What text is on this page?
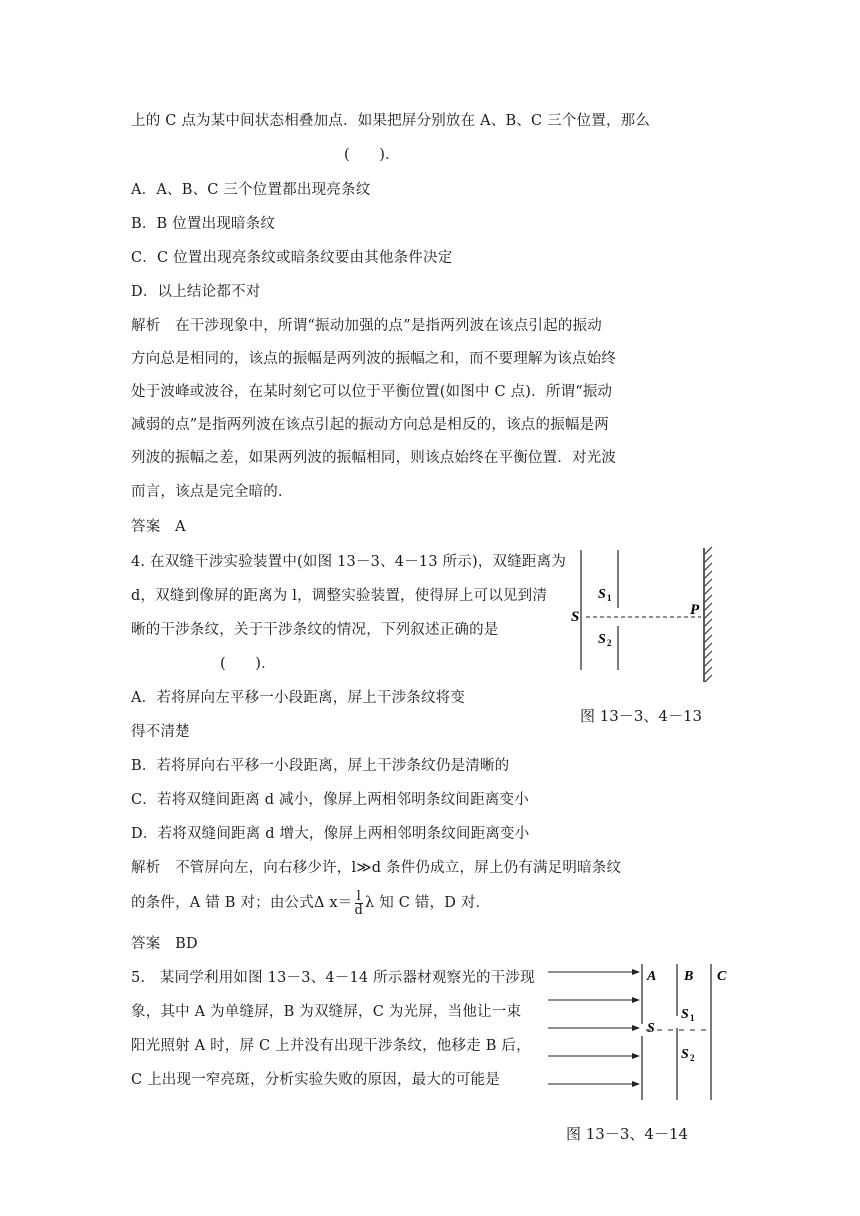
上的 C 点为某中间状态相叠加点．如果把屏分别放在 A、B、C 三个位置，那么
(　　)．
A．A、B、C 三个位置都出现亮条纹
B．B 位置出现暗条纹
C．C 位置出现亮条纹或暗条纹要由其他条件决定
D．以上结论都不对
解析　在干涉现象中，所谓“振动加强的点”是指两列波在该点引起的振动
方向总是相同的，该点的振幅是两列波的振幅之和，而不要理解为该点始终
处于波峰或波谷，在某时刻它可以位于平衡位置(如图中 C 点)．所谓“振动
减弱的点”是指两列波在该点引起的振动方向总是相反的，该点的振幅是两
列波的振幅之差，如果两列波的振幅相同，则该点始终在平衡位置．对光波
而言，该点是完全暗的．
答案　A
4. 在双缝干涉实验装置中(如图 13－3、4－13 所示)，双缝距离为
d，双缝到像屏的距离为 l，调整实验装置，使得屏上可以见到清
晰的干涉条纹，关于干涉条纹的情况，下列叙述正确的是
(　　)．
A．若将屏向左平移一小段距离，屏上干涉条纹将变
得不清楚
B．若将屏向右平移一小段距离，屏上干涉条纹仍是清晰的
C．若将双缝间距离 d 减小，像屏上两相邻明条纹间距离变小
D．若将双缝间距离 d 增大，像屏上两相邻明条纹间距离变小
解析　不管屏向左，向右移少许，l≫d 条件仍成立，屏上仍有满足明暗条纹
的条件，A 错 B 对；由公式Δ $x= \frac{l}{d}$ λ 知 C 错，D 对．
答案　BD
S
S 1
S 2
P
图 13－3、4－13
5.　某同学利用如图 13－3、4－14 所示器材观察光的干涉现
象，其中 A 为单缝屏，B 为双缝屏，C 为光屏，当他让一束
阳光照射 A 时，屏 C 上并没有出现干涉条纹，他移走 B 后，
C 上出现一窄亮斑，分析实验失败的原因，最大的可能是
A B C
S
S 1
S 2
图 13－3、4－14
